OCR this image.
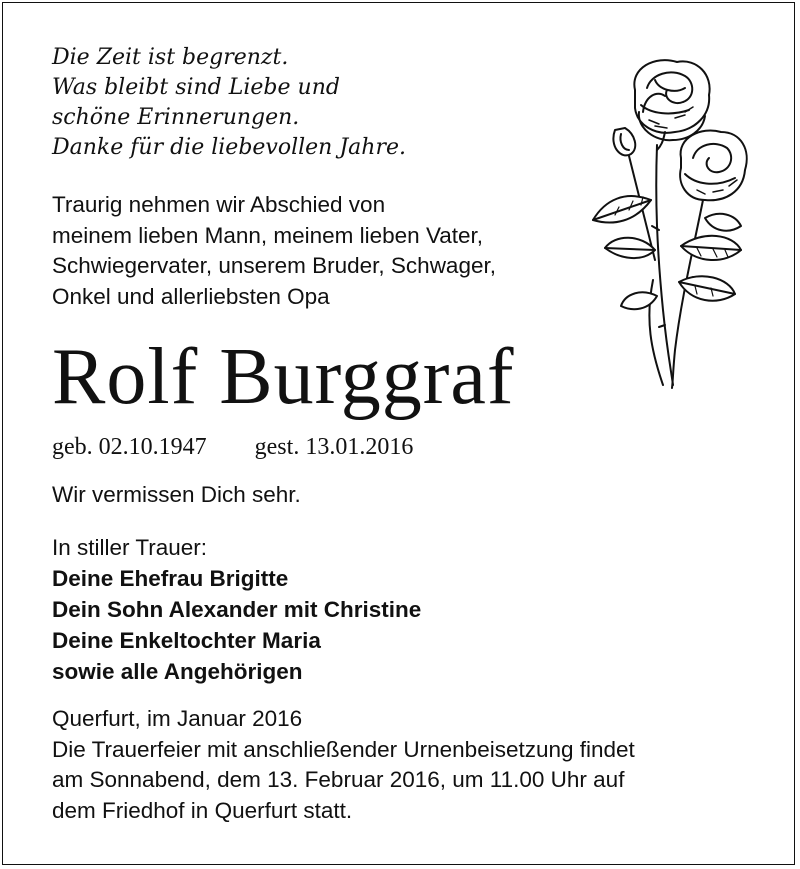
Die Zeit ist begrenzt.
Was bleibt sind Liebe und
schöne Erinnerungen.
Danke für die liebevollen Jahre.
Traurig nehmen wir Abschied von
meinem lieben Mann, meinem lieben Vater,
Schwiegervater, unserem Bruder, Schwager,
Onkel und allerliebsten Opa
Rolf Burggraf
geb. 02.10.1947 gest. 13.01.2016
Wir vermissen Dich sehr.
In stiller Trauer:
Deine Ehefrau Brigitte
Dein Sohn Alexander mit Christine
Deine Enkeltochter Maria
sowie alle Angehörigen
Querfurt, im Januar 2016
Die Trauerfeier mit anschließender Urnenbeisetzung findet
am Sonnabend, dem 13. Februar 2016, um 11.00 Uhr auf
dem Friedhof in Querfurt statt.
